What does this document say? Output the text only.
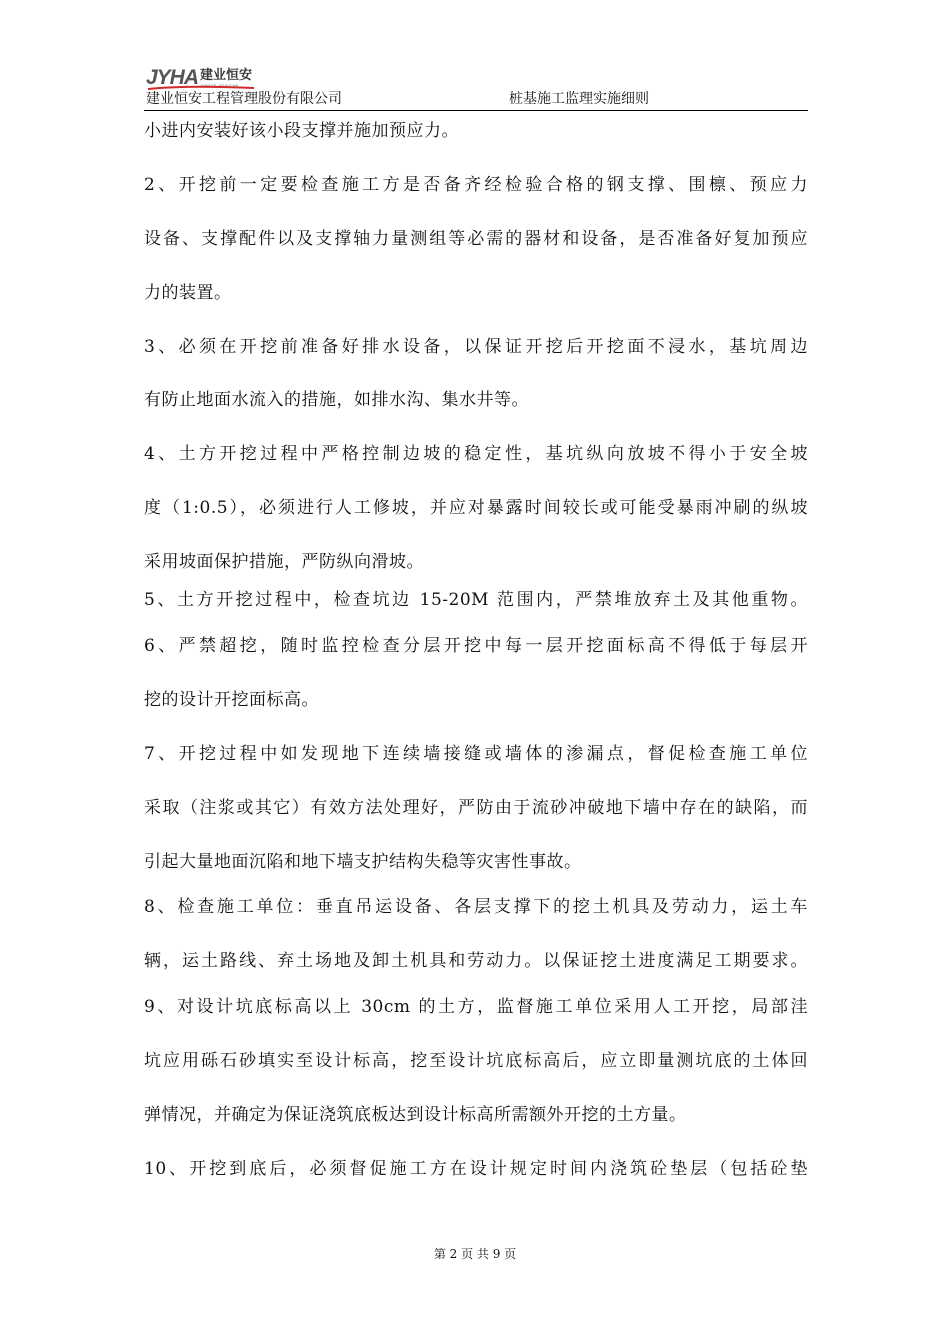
JYHA 建业恒安
JIANYE HENGAN
建业恒安工程管理股份有限公司	桩基施工监理实施细则
小进内安装好该小段支撑并施加预应力。
2、开挖前一定要检查施工方是否备齐经检验合格的钢支撑、围檩、预应力
设备、支撑配件以及支撑轴力量测组等必需的器材和设备，是否准备好复加预应
力的装置。
3、必须在开挖前准备好排水设备，以保证开挖后开挖面不浸水，基坑周边
有防止地面水流入的措施，如排水沟、集水井等。
4、土方开挖过程中严格控制边坡的稳定性，基坑纵向放坡不得小于安全坡
度（1:0.5），必须进行人工修坡，并应对暴露时间较长或可能受暴雨冲刷的纵坡
采用坡面保护措施，严防纵向滑坡。
5、土方开挖过程中，检查坑边 15-20M 范围内，严禁堆放弃土及其他重物。
6、严禁超挖，随时监控检查分层开挖中每一层开挖面标高不得低于每层开
挖的设计开挖面标高。
7、开挖过程中如发现地下连续墙接缝或墙体的渗漏点，督促检查施工单位
采取（注浆或其它）有效方法处理好，严防由于流砂冲破地下墙中存在的缺陷，而
引起大量地面沉陷和地下墙支护结构失稳等灾害性事故。
8、检查施工单位：垂直吊运设备、各层支撑下的挖土机具及劳动力，运土车
辆，运土路线、弃土场地及卸土机具和劳动力。以保证挖土进度满足工期要求。
9、对设计坑底标高以上 30cm 的土方，监督施工单位采用人工开挖，局部洼
坑应用砾石砂填实至设计标高，挖至设计坑底标高后，应立即量测坑底的土体回
弹情况，并确定为保证浇筑底板达到设计标高所需额外开挖的土方量。
10、开挖到底后，必须督促施工方在设计规定时间内浇筑砼垫层（包括砼垫
第 2 页 共 9 页
